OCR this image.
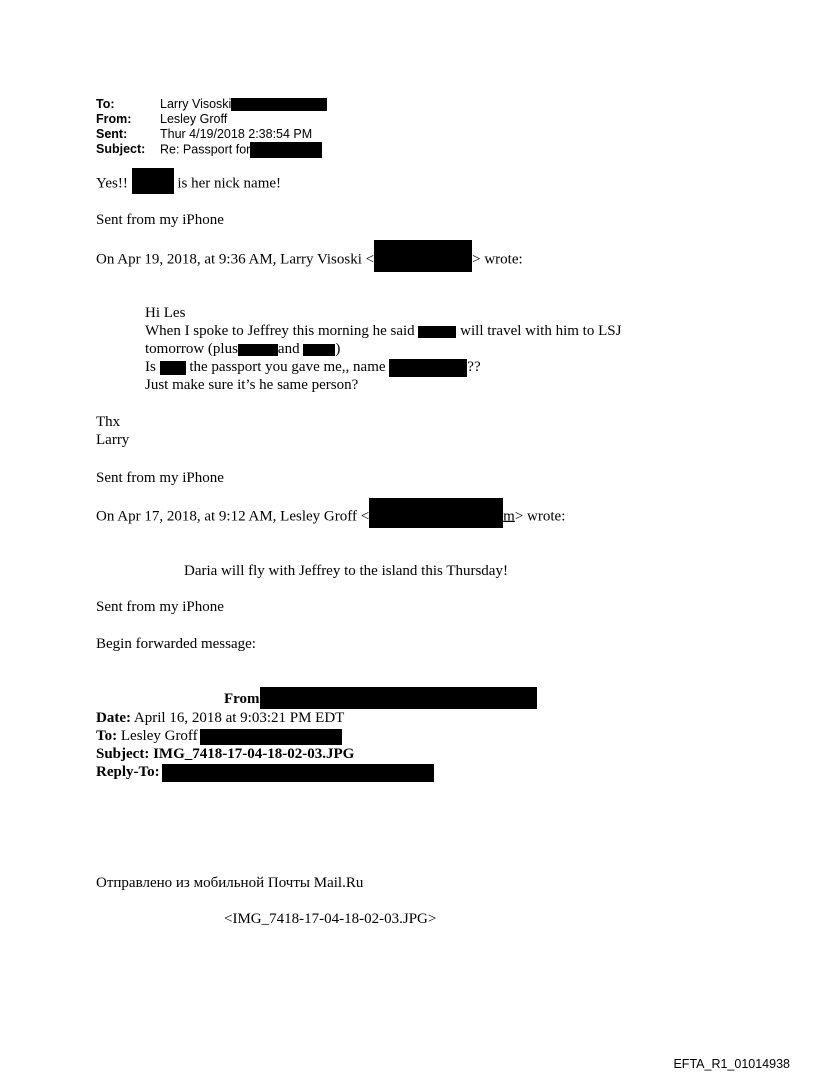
To:	Larry Visoski
From: Lesley Groff
Sent:	Thur 4/19/2018 2:38:54 PM
Subject: Re: Passport for
Yes!!	is her nick name!
Sent from my iPhone
On Apr 19, 2018, at 9:36 AM, Larry Visoski <	> wrote:
Hi Les
When I spoke to Jeffrey this morning he said	will travel with him to LSJ
tomorrow (plus	and )
Is the passport you gave me,, name	??
Just make sure it’s he same person?
Thx
Larry
Sent from my iPhone
On Apr 17, 2018, at 9:12 AM, Lesley Groff <	m> wrote:
Daria will fly with Jeffrey to the island this Thursday!
Sent from my iPhone
Begin forwarded message:
From
Date: April 16, 2018 at 9:03:21 PM EDT
To: Lesley Groff
Subject: IMG_7418-17-04-18-02-03.JPG
Reply-To:
Отправлено из мобильной Почты Mail.Ru
<IMG_7418-17-04-18-02-03.JPG>
EFTA_R1_01014938
